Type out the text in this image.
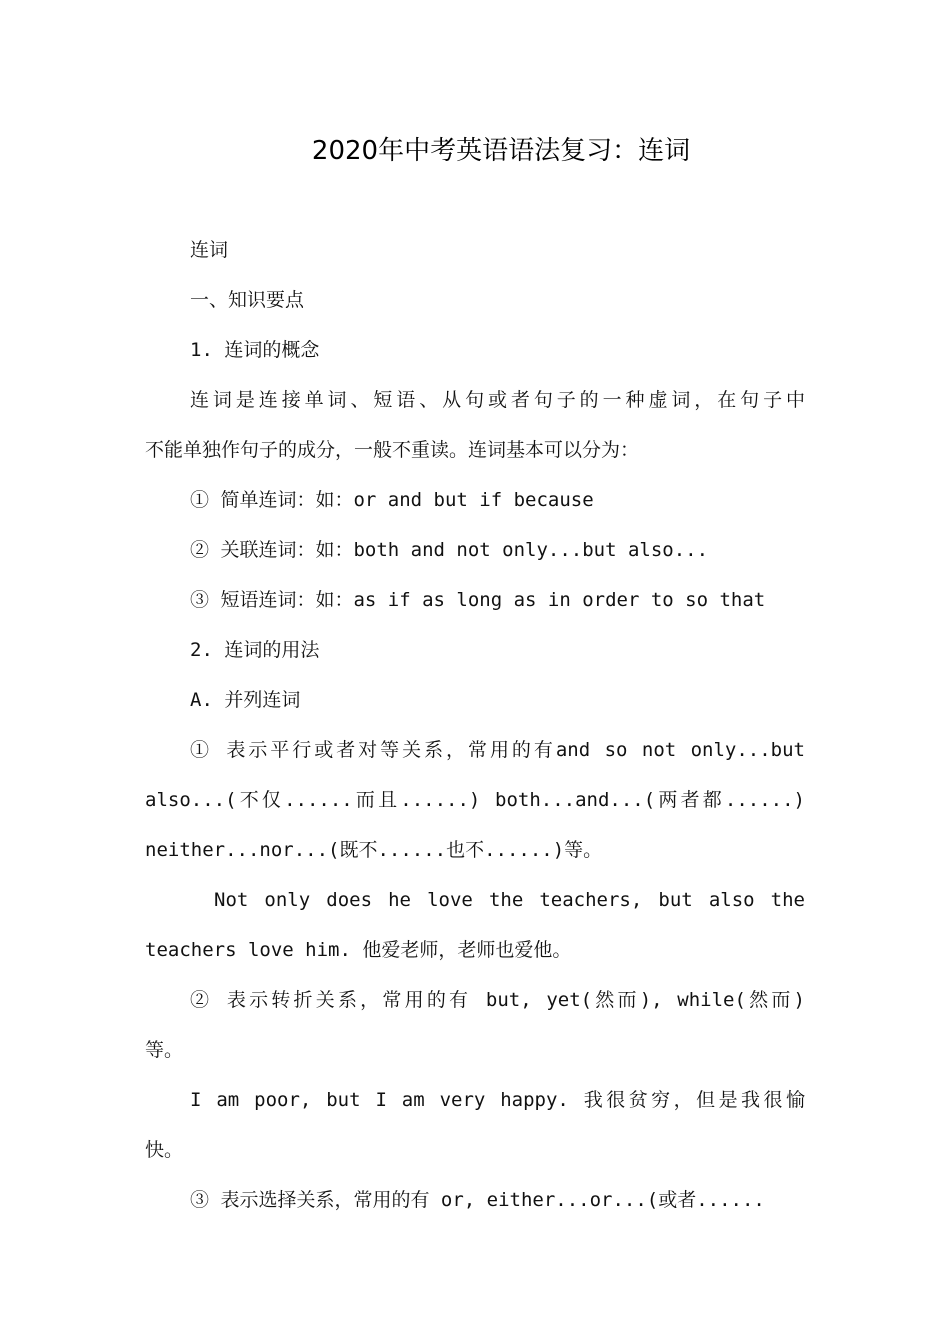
2020年中考英语语法复习：连词
连词
一、知识要点
1. 连词的概念
连词是连接单词、短语、从句或者句子的一种虚词，在句子中
不能单独作句子的成分，一般不重读。连词基本可以分为：
① 简单连词：如：or and but if because
② 关联连词：如：both and not only...but also...
③ 短语连词：如：as if as long as in order to so that
2. 连词的用法
A. 并列连词
① 表示平行或者对等关系，常用的有and so not only...but
also...(不仅......而且......) both...and...(两者都......)
neither...nor...(既不......也不......)等。
Not only does he love the teachers, but also the
teachers love him. 他爱老师，老师也爱他。
② 表示转折关系，常用的有 but, yet(然而), while(然而)
等。
I am poor, but I am very happy. 我很贫穷，但是我很愉
快。
③ 表示选择关系，常用的有 or, either...or...(或者......
